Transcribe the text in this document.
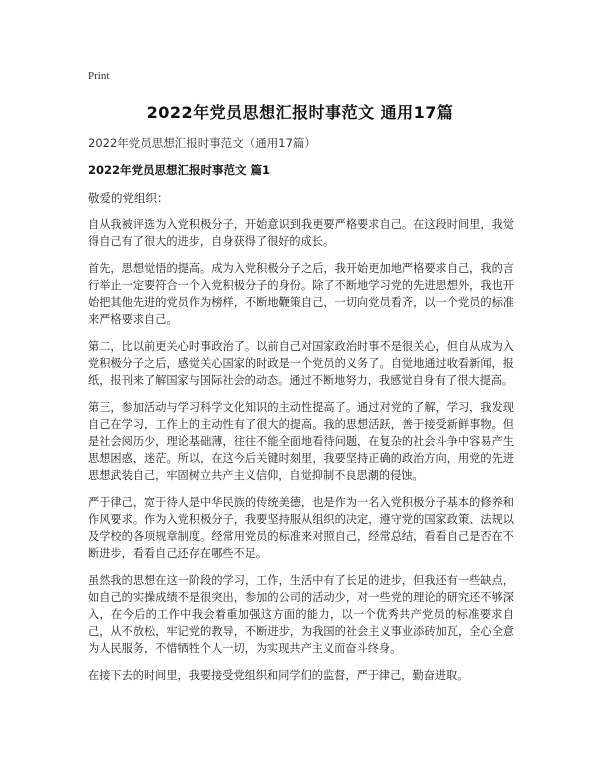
Print
2022年党员思想汇报时事范文 通用17篇
2022年党员思想汇报时事范文（通用17篇）
2022年党员思想汇报时事范文 篇1
敬爱的党组织：

自从我被评选为入党积极分子，开始意识到我更要严格要求自己。在这段时间里，我觉得自己有了很大的进步，自身获得了很好的成长。

首先，思想觉悟的提高。成为入党积极分子之后，我开始更加地严格要求自己，我的言行举止一定要符合一个入党积极分子的身份。除了不断地学习党的先进思想外，我也开始把其他先进的党员作为榜样，不断地鞭策自己，一切向党员看齐，以一个党员的标准来严格要求自己。

第二，比以前更关心时事政治了。以前自己对国家政治时事不是很关心，但自从成为入党积极分子之后，感觉关心国家的时政是一个党员的义务了。自觉地通过收看新闻，报纸，报刊来了解国家与国际社会的动态。通过不断地努力，我感觉自身有了很大提高。

第三，参加活动与学习科学文化知识的主动性提高了。通过对党的了解，学习，我发现自己在学习，工作上的主动性有了很大的提高。我的思想活跃，善于接受新鲜事物。但是社会阅历少，理论基础薄，往往不能全面地看待问题，在复杂的社会斗争中容易产生思想困惑，迷茫。所以，在这今后关键时刻里，我要坚持正确的政治方向，用党的先进思想武装自己，牢固树立共产主义信仰，自觉抑制不良思潮的侵蚀。

严于律己，宽于待人是中华民族的传统美德，也是作为一名入党积极分子基本的修养和作风要求。作为入党积极分子，我要坚持服从组织的决定，遵守党的国家政策、法规以及学校的各项规章制度。经常用党员的标准来对照自己，经常总结，看看自己是否在不断进步，看看自己还存在哪些不足。

虽然我的思想在这一阶段的学习，工作，生活中有了长足的进步，但我还有一些缺点，如自己的实操成绩不是很突出，参加的公司的活动少，对一些党的理论的研究还不够深入，在今后的工作中我会着重加强这方面的能力，以一个优秀共产党员的标准要求自己，从不放松，牢记党的教导，不断进步，为我国的社会主义事业添砖加瓦，全心全意为人民服务，不惜牺牲个人一切，为实现共产主义而奋斗终身。

在接下去的时间里，我要接受党组织和同学们的监督，严于律己，勤奋进取。
